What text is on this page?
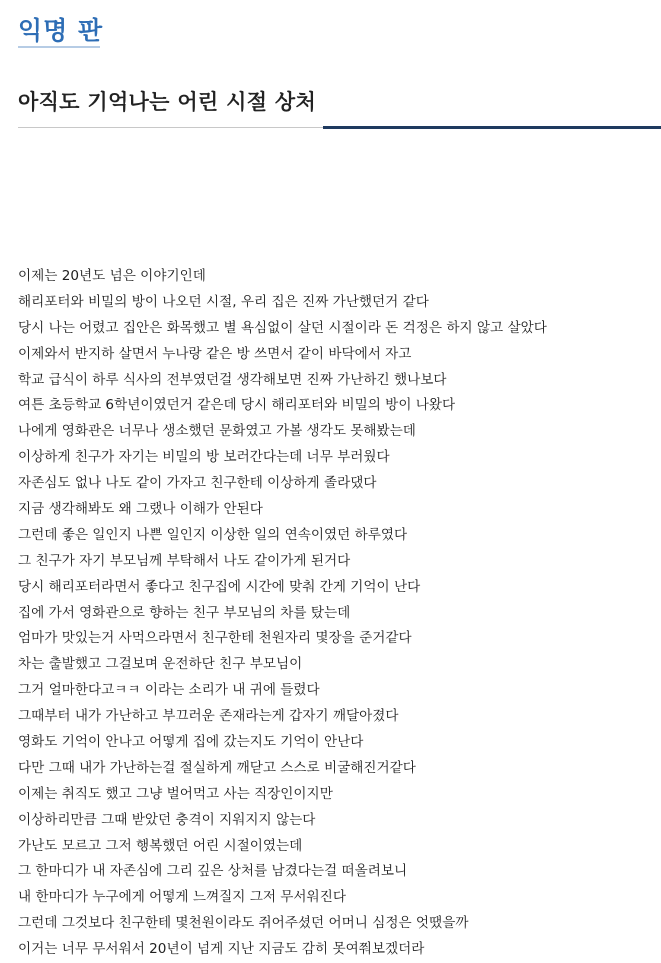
익명 판
아직도 기억나는 어린 시절 상처
이제는 20년도 넘은 이야기인데
해리포터와 비밀의 방이 나오던 시절, 우리 집은 진짜 가난했던거 같다
당시 나는 어렸고 집안은 화목했고 별 욕심없이 살던 시절이라 돈 걱정은 하지 않고 살았다
이제와서 반지하 살면서 누나랑 같은 방 쓰면서 같이 바닥에서 자고
학교 급식이 하루 식사의 전부였던걸 생각해보면 진짜 가난하긴 했나보다
여튼 초등학교 6학년이였던거 같은데 당시 해리포터와 비밀의 방이 나왔다
나에게 영화관은 너무나 생소했던 문화였고 가볼 생각도 못해봤는데
이상하게 친구가 자기는 비밀의 방 보러간다는데 너무 부러웠다
자존심도 없나 나도 같이 가자고 친구한테 이상하게 졸라댔다
지금 생각해봐도 왜 그랬나 이해가 안된다
그런데 좋은 일인지 나쁜 일인지 이상한 일의 연속이였던 하루였다
그 친구가 자기 부모님께 부탁해서 나도 같이가게 된거다
당시 해리포터라면서 좋다고 친구집에 시간에 맞춰 간게 기억이 난다
집에 가서 영화관으로 향하는 친구 부모님의 차를 탔는데
엄마가 맛있는거 사먹으라면서 친구한테 천원자리 몇장을 준거같다
차는 출발했고 그걸보며 운전하단 친구 부모님이
그거 얼마한다고ㅋㅋ 이라는 소리가 내 귀에 들렸다
그때부터 내가 가난하고 부끄러운 존재라는게 갑자기 깨달아졌다
영화도 기억이 안나고 어떻게 집에 갔는지도 기억이 안난다
다만 그때 내가 가난하는걸 절실하게 깨닫고 스스로 비굴해진거같다
이제는 취직도 했고 그냥 벌어먹고 사는 직장인이지만
이상하리만큼 그때 받았던 충격이 지워지지 않는다
가난도 모르고 그저 행복했던 어린 시절이였는데
그 한마디가 내 자존심에 그리 깊은 상처를 남겼다는걸 떠올려보니
내 한마디가 누구에게 어떻게 느껴질지 그저 무서워진다
그런데 그것보다 친구한테 몇천원이라도 쥐어주셨던 어머니 심정은 엇땠을까
이거는 너무 무서워서 20년이 넘게 지난 지금도 감히 못여쭤보겠더라
